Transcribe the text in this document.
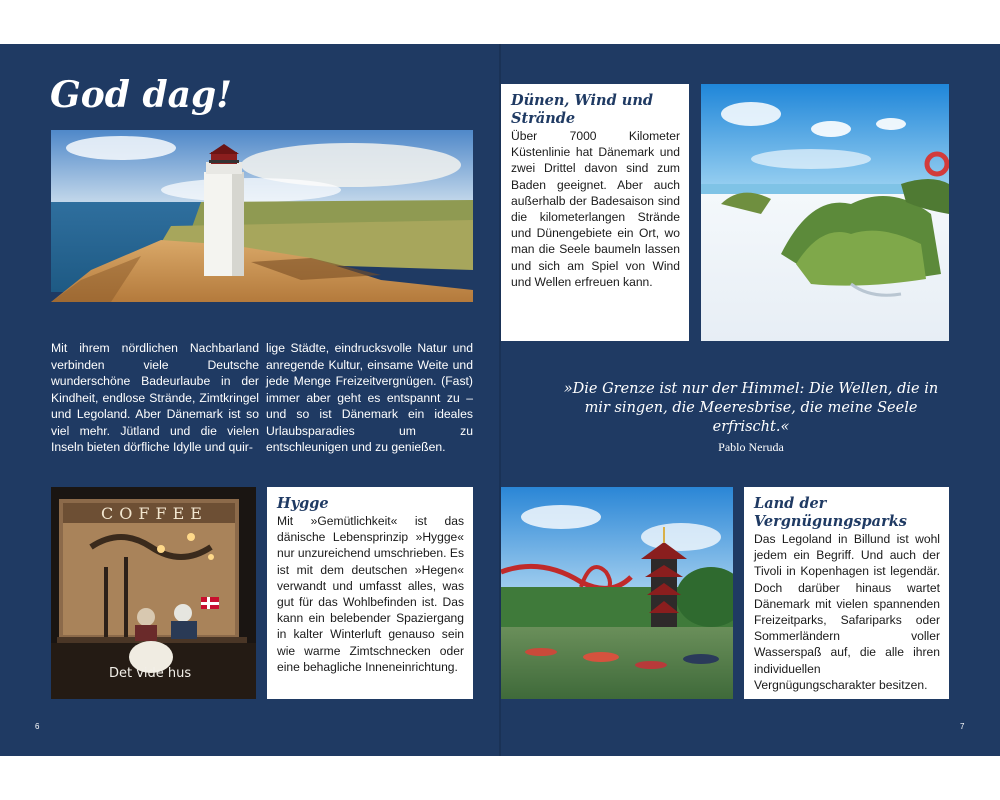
God dag!

Mit ihrem nördlichen Nachbarland verbinden viele Deutsche wunderschöne Badeurlaube in der Kindheit, endlose Strände, Zimtkringel und Legoland. Aber Dänemark ist so viel mehr. Jütland und die vielen Inseln bieten dörfliche Idylle und quir-

lige Städte, eindrucksvolle Natur und anregende Kultur, einsame Weite und jede Menge Freizeitvergnügen. (Fast) immer aber geht es entspannt zu – und so ist Dänemark ein ideales Urlaubsparadies um zu entschleunigen und zu genießen.

COFFEE
Det vide hus
Hygge

Mit »Gemütlichkeit« ist das dänische Lebensprinzip »Hygge« nur unzureichend umschrieben. Es ist mit dem deutschen »Hegen« verwandt und umfasst alles, was gut für das Wohlbefinden ist. Das kann ein belebender Spaziergang in kalter Winterluft genauso sein wie warme Zimtschnecken oder eine behagliche Inneneinrichtung.

6
Dünen, Wind und Strände

Über 7000 Kilometer Küstenlinie hat Dänemark und zwei Drittel davon sind zum Baden geeignet. Aber auch außerhalb der Badesaison sind die kilometerlangen Strände und Dünengebiete ein Ort, wo man die Seele baumeln lassen und sich am Spiel von Wind und Wellen erfreuen kann.

»Die Grenze ist nur der Himmel: Die Wellen, die in mir singen, die Meeresbrise, die meine Seele erfrischt.«

Pablo Neruda
Land der Vergnügungsparks

Das Legoland in Billund ist wohl jedem ein Begriff. Und auch der Tivoli in Kopenhagen ist legendär. Doch darüber hinaus wartet Dänemark mit vielen spannenden Freizeitparks, Safariparks oder Sommerländern voller Wasserspaß auf, die alle ihren individuellen Vergnügungscharakter besitzen.

7
